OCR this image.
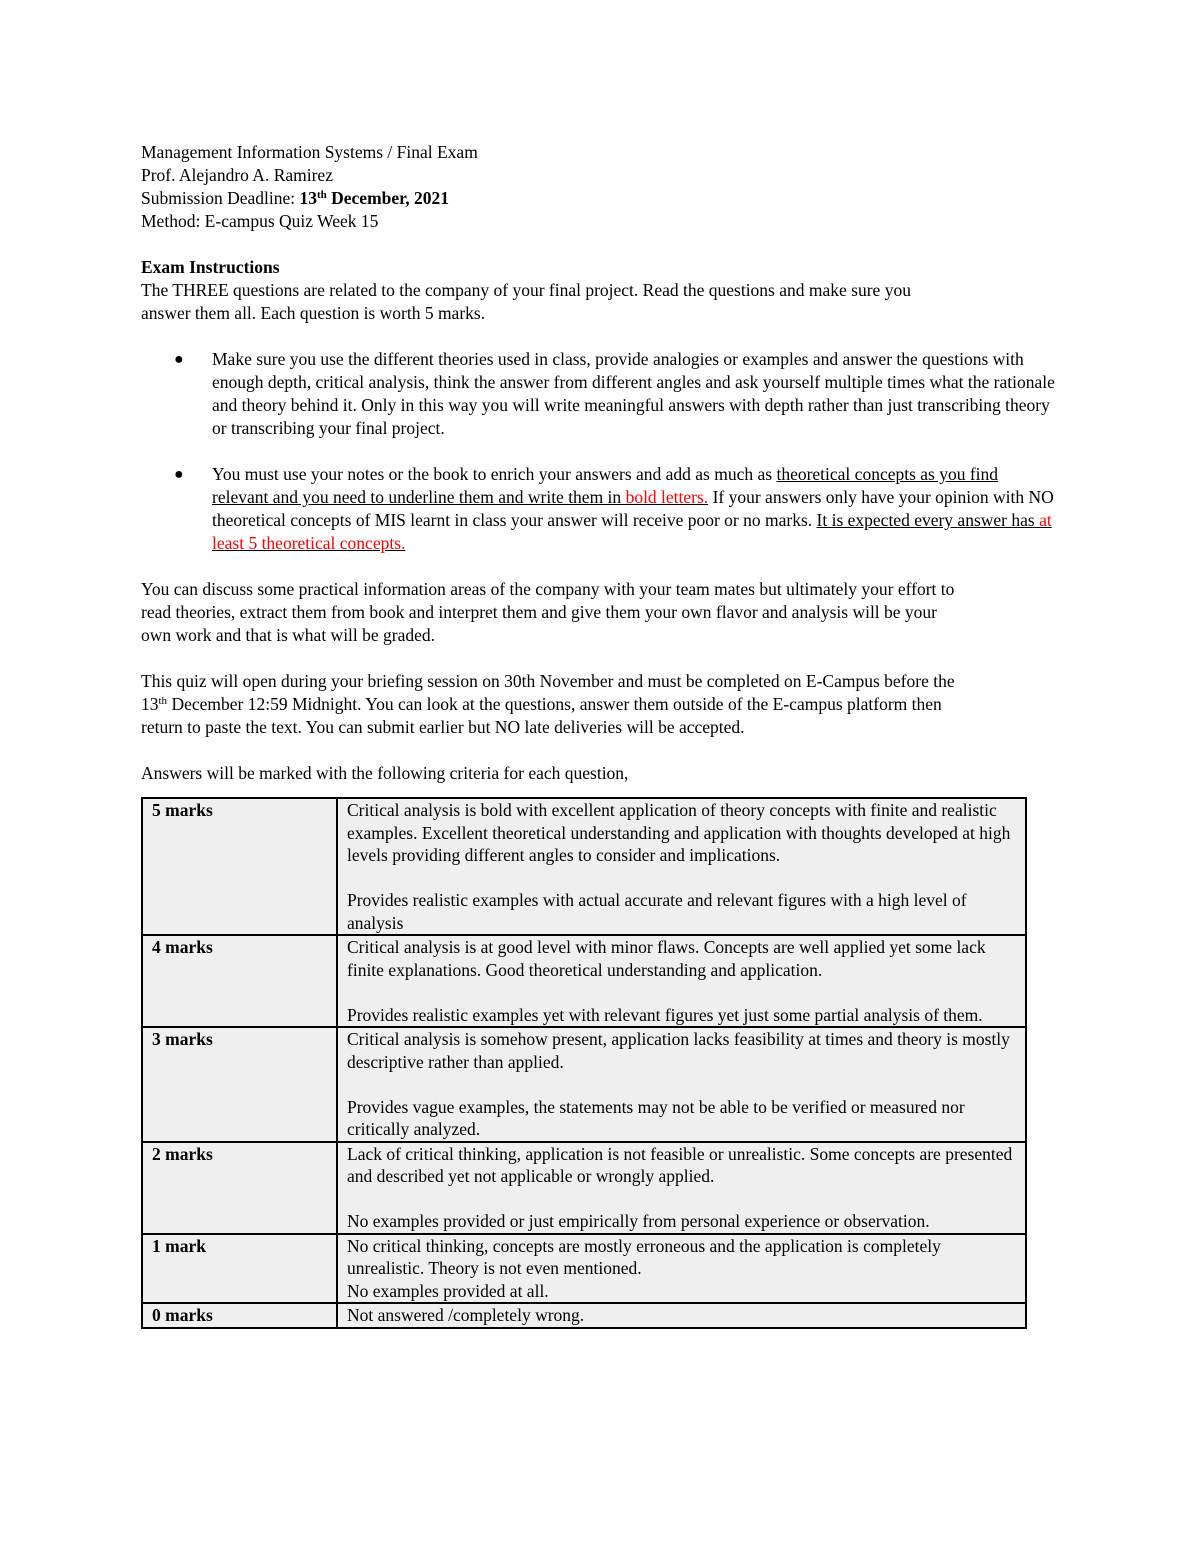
Management Information Systems / Final Exam
Prof. Alejandro A. Ramirez
Submission Deadline: 13th December, 2021
Method: E-campus Quiz Week 15
Exam Instructions
The THREE questions are related to the company of your final project. Read the questions and make sure you
answer them all. Each question is worth 5 marks.
● Make sure you use the different theories used in class, provide analogies or examples and answer the questions with enough depth, critical analysis, think the answer from different angles and ask yourself multiple times what the rationale and theory behind it. Only in this way you will write meaningful answers with depth rather than just transcribing theory or transcribing your final project.
● You must use your notes or the book to enrich your answers and add as much as theoretical concepts as you find relevant and you need to underline them and write them in bold letters. If your answers only have your opinion with NO theoretical concepts of MIS learnt in class your answer will receive poor or no marks. It is expected every answer has at least 5 theoretical concepts.
You can discuss some practical information areas of the company with your team mates but ultimately your effort to
read theories, extract them from book and interpret them and give them your own flavor and analysis will be your
own work and that is what will be graded.
This quiz will open during your briefing session on 30th November and must be completed on E-Campus before the
13th December 12:59 Midnight. You can look at the questions, answer them outside of the E-campus platform then
return to paste the text. You can submit earlier but NO late deliveries will be accepted.
Answers will be marked with the following criteria for each question,
5 marks	Critical analysis is bold with excellent application of theory concepts with finite and realistic examples. Excellent theoretical understanding and application with thoughts developed at high levels providing different angles to consider and implications.

Provides realistic examples with actual accurate and relevant figures with a high level of analysis

4 marks	Critical analysis is at good level with minor flaws. Concepts are well applied yet some lack finite explanations. Good theoretical understanding and application.

Provides realistic examples yet with relevant figures yet just some partial analysis of them.

3 marks	Critical analysis is somehow present, application lacks feasibility at times and theory is mostly descriptive rather than applied.

Provides vague examples, the statements may not be able to be verified or measured nor critically analyzed.

2 marks	Lack of critical thinking, application is not feasible or unrealistic. Some concepts are presented and described yet not applicable or wrongly applied.

No examples provided or just empirically from personal experience or observation.

1 mark	No critical thinking, concepts are mostly erroneous and the application is completely unrealistic. Theory is not even mentioned.

No examples provided at all.

0 marks	Not answered /completely wrong.
